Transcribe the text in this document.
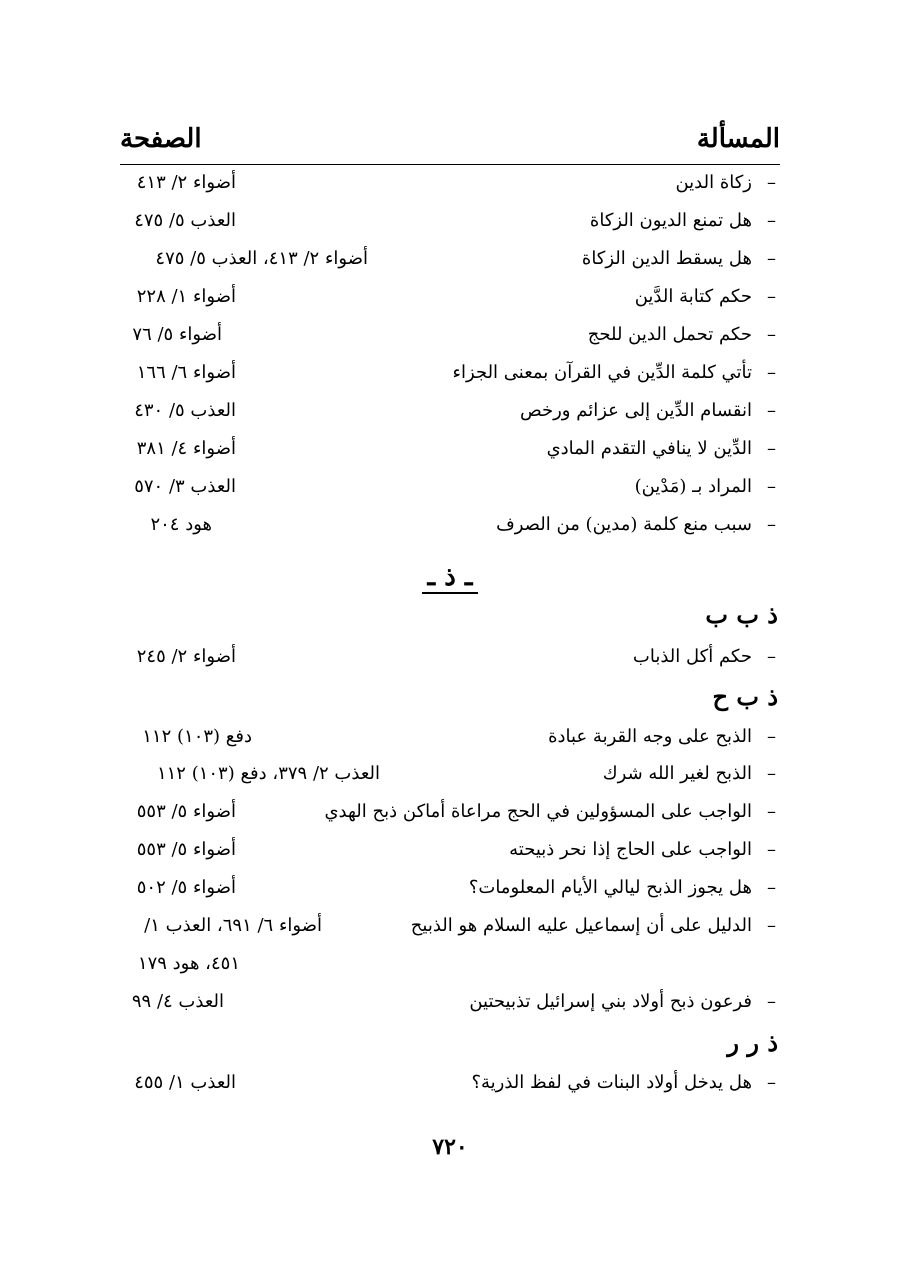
المسألة
الصفحة
–
زكاة الدين
أضواء ٢/ ٤١٣
–
هل تمنع الديون الزكاة
العذب ٥/ ٤٧٥
–
هل يسقط الدين الزكاة
أضواء ٢/ ٤١٣، العذب ٥/ ٤٧٥
–
حكم كتابة الدَّين
أضواء ١/ ٢٢٨
–
حكم تحمل الدين للحج
أضواء ٥/ ٧٦
–
تأتي كلمة الدِّين في القرآن بمعنى الجزاء
أضواء ٦/ ١٦٦
–
انقسام الدِّين إلى عزائم ورخص
العذب ٥/ ٤٣٠
–
الدِّين لا ينافي التقدم المادي
أضواء ٤/ ٣٨١
–
المراد بـ (مَدْين)
العذب ٣/ ٥٧٠
–
سبب منع كلمة (مدين) من الصرف
هود ٢٠٤
ـ ذ ـ
ذ ب ب
–
حكم أكل الذباب
أضواء ٢/ ٢٤٥
ذ ب ح
–
الذبح على وجه القربة عبادة
دفع (١٠٣) ١١٢
–
الذبح لغير الله شرك
العذب ٢/ ٣٧٩، دفع (١٠٣) ١١٢
–
الواجب على المسؤولين في الحج مراعاة أماكن ذبح الهدي
أضواء ٥/ ٥٥٣
–
الواجب على الحاج إذا نحر ذبيحته
أضواء ٥/ ٥٥٣
–
هل يجوز الذبح ليالي الأيام المعلومات؟
أضواء ٥/ ٥٠٢
–
الدليل على أن إسماعيل عليه السلام هو الذبيح
أضواء ٦/ ٦٩١، العذب ١/
٤٥١، هود ١٧٩
–
فرعون ذبح أولاد بني إسرائيل تذبيحتين
العذب ٤/ ٩٩
ذ ر ر
–
هل يدخل أولاد البنات في لفظ الذرية؟
العذب ١/ ٤٥٥
٧٢٠
